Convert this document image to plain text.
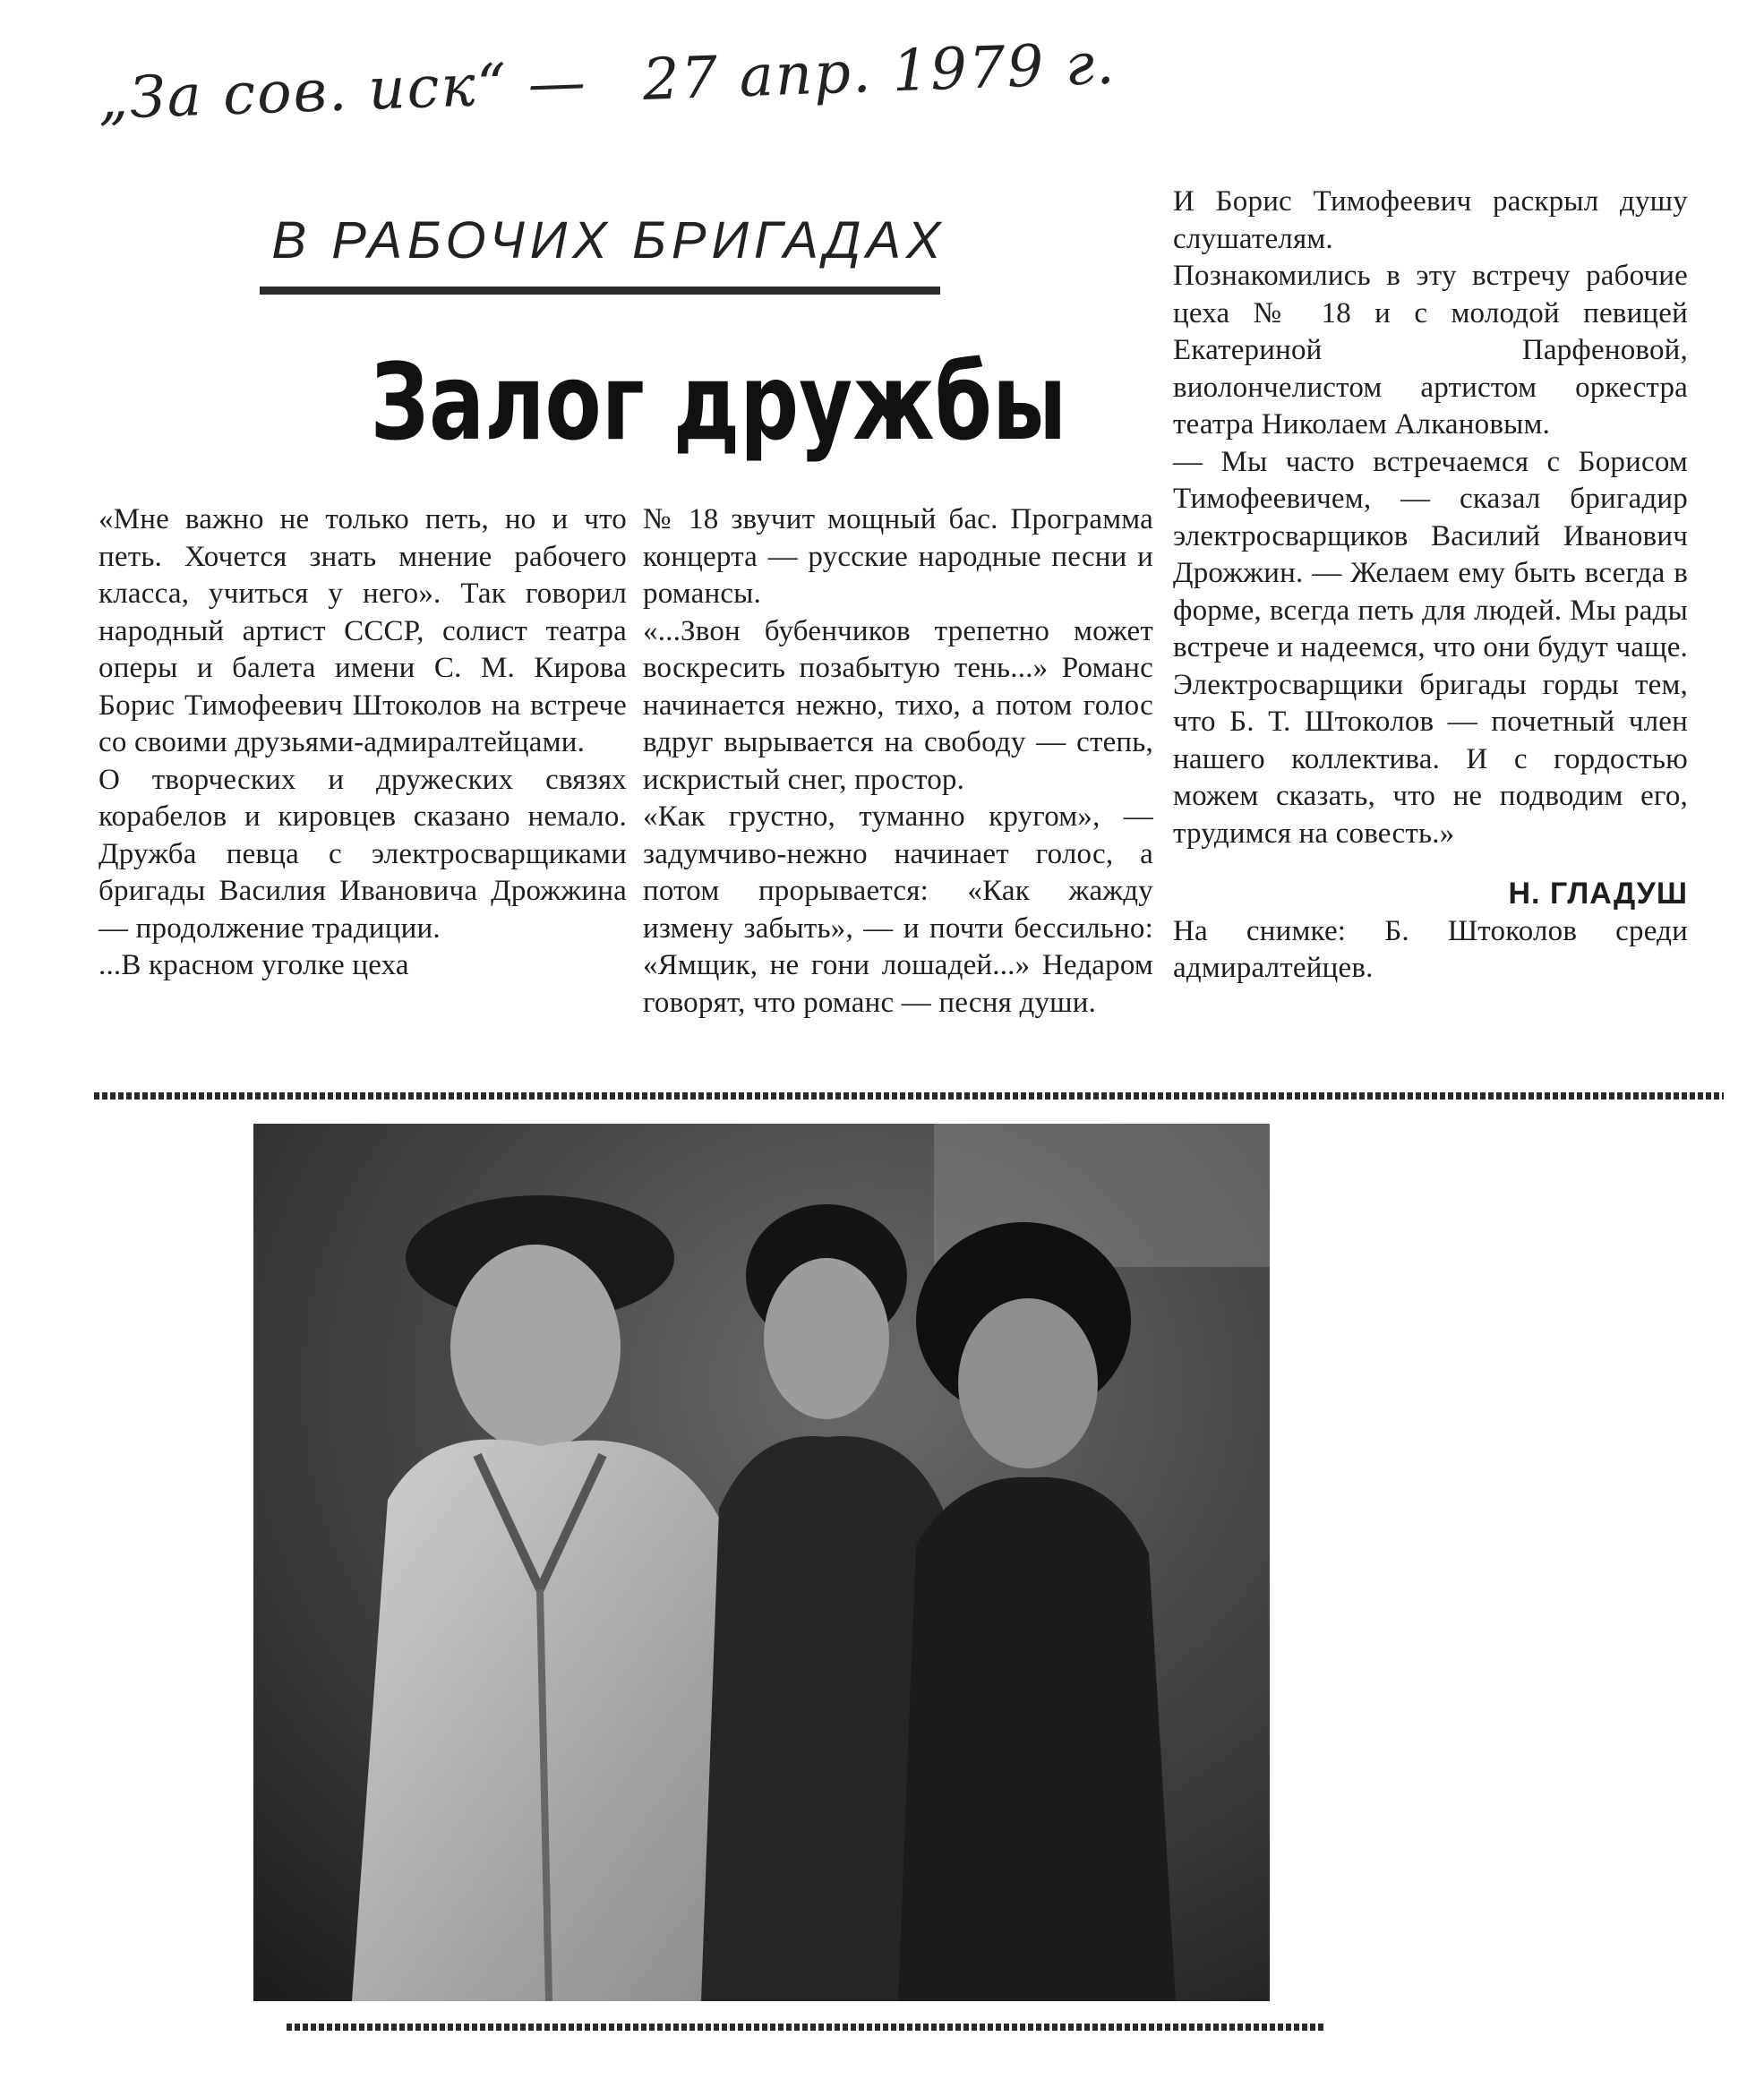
„За сов. иск“ — 27 апр. 1979 г.
В РАБОЧИХ БРИГАДАХ
Залог дружбы

«Мне важно не только петь, но и что петь. Хочется знать мнение рабочего класса, учиться у него». Так говорил народный артист СССР, солист театра оперы и балета имени С. М. Кирова Борис Тимофеевич Штоколов на встрече со своими друзьями-адмиралтейцами.

О творческих и дружеских связях корабелов и кировцев сказано немало. Дружба певца с электросварщиками бригады Василия Ивановича Дрожжина — продолжение традиции.

...В красном уголке цеха

№ 18 звучит мощный бас. Программа концерта — русские народные песни и романсы.

«...Звон бубенчиков трепетно может воскресить позабытую тень...» Романс начинается нежно, тихо, а потом голос вдруг вырывается на свободу — степь, искристый снег, простор.

«Как грустно, туманно кругом», — задумчиво-нежно начинает голос, а потом прорывается: «Как жажду измену забыть», — и почти бессильно: «Ямщик, не гони лошадей...» Недаром говорят, что романс — песня души.

И Борис Тимофеевич раскрыл душу слушателям.

Познакомились в эту встречу рабочие цеха № 18 и с молодой певицей Екатериной Парфеновой, виолончелистом артистом оркестра театра Николаем Алкановым.

— Мы часто встречаемся с Борисом Тимофеевичем, — сказал бригадир электросварщиков Василий Иванович Дрожжин. — Желаем ему быть всегда в форме, всегда петь для людей. Мы рады встрече и надеемся, что они будут чаще. Электросварщики бригады горды тем, что Б. Т. Штоколов — почетный член нашего коллектива. И с гордостью можем сказать, что не подводим его, трудимся на совесть.»

Н. ГЛАДУШ

На снимке: Б. Штоколов среди адмиралтейцев.
